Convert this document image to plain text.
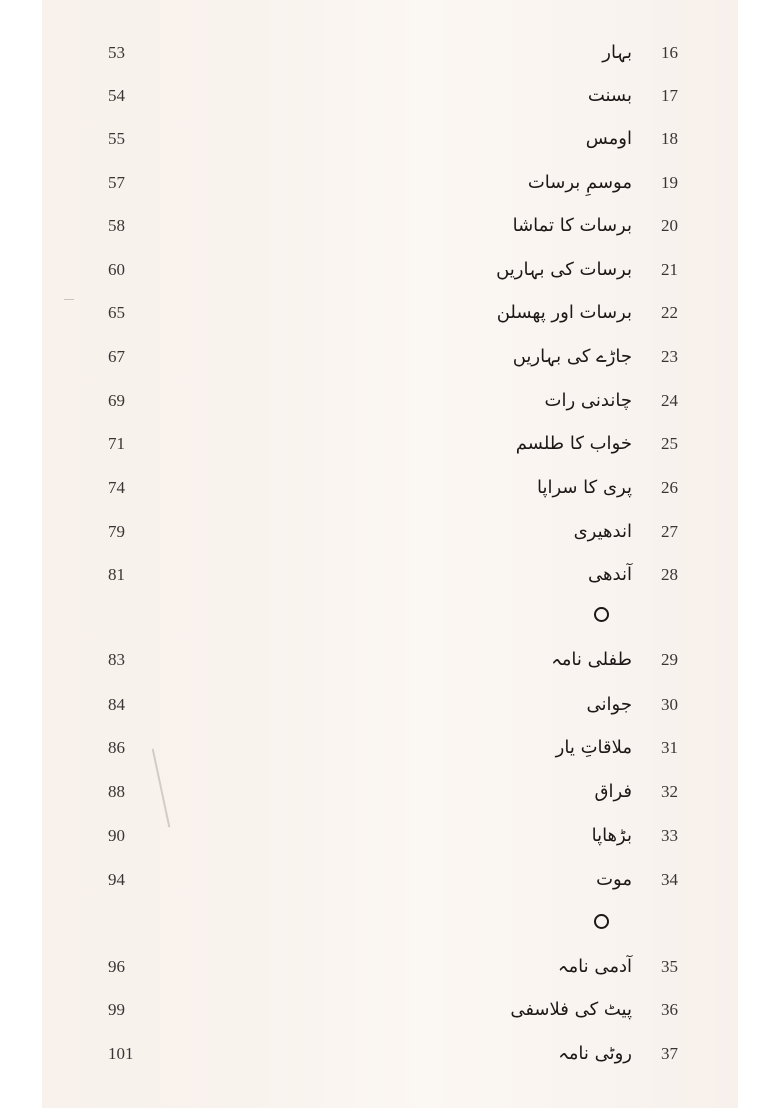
53	بہار 16
54	بسنت 17
55	اومس 18
57	موسمِ برسات 19
58	برسات کا تماشا 20
60	برسات کی بہاریں 21
65	برسات اور پھسلن 22
67	جاڑے کی بہاریں 23
69	چاندنی رات 24
71	خواب کا طلسم 25
74	پری کا سراپا 26
79	اندھیری 27
81	آندھی 28
83	طفلی نامہ 29
84	جوانی 30
86	ملاقاتِ یار 31
88	فراق 32
90	بڑھاپا 33
94	موت 34
96	آدمی نامہ 35
99	پیٹ کی فلاسفی 36
101	روٹی نامہ 37
